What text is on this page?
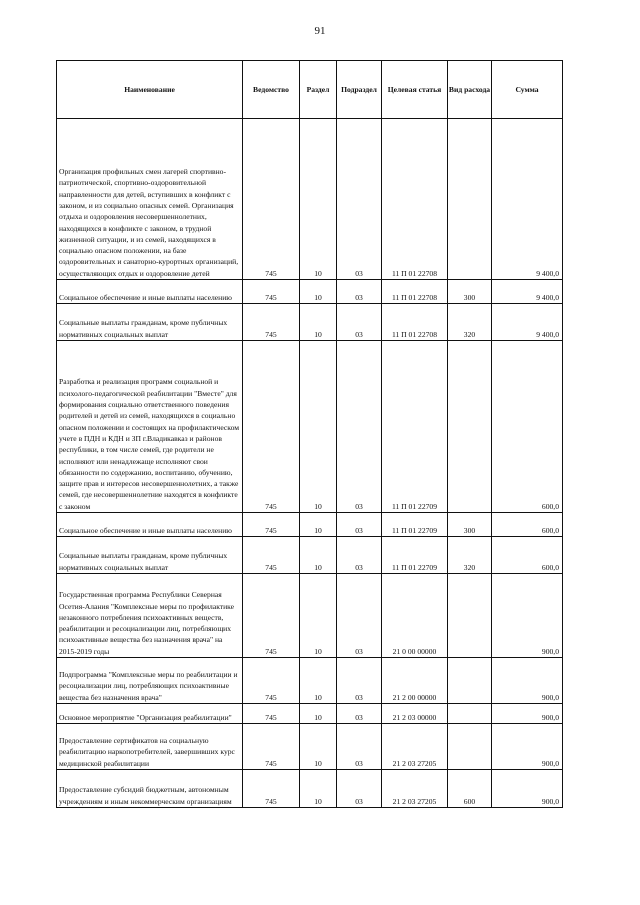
91
Наименование	Ведомство	Раздел	Подраздел	Целевая статья	Вид расхода	Сумма
Организация профильных смен лагерей спортивно-патриотической, спортивно-оздоровительной направленности для детей, вступивших в конфликт с законом, и из социально опасных семей. Организация отдыха и оздоровления несовершеннолетних, находящихся в конфликте с законом, в трудной жизненной ситуации, и из семей, находящихся в социально опасном положении, на базе оздоровительных и санаторно-курортных организаций, осуществляющих отдых и оздоровление детей	745	10	03	11 П 01 22708		9 400,0
Социальное обеспечение и иные выплаты населению	745	10	03	11 П 01 22708	300	9 400,0
Социальные выплаты гражданам, кроме публичных нормативных социальных выплат	745	10	03	11 П 01 22708	320	9 400,0
Разработка и реализация программ социальной и психолого-педагогической реабилитации "Вместе" для формирования социально ответственного поведения родителей и детей из семей, находящихся в социально опасном положении и состоящих на профилактическом учете в ПДН и КДН и ЗП г.Владикавказ и районов республики, в том числе семей, где родители не исполняют или ненадлежаще исполняют свои обязанности по содержанию, воспитанию, обучению, защите прав и интересов несовершеннолетних, а также семей, где несовершеннолетние находятся в конфликте с законом	745	10	03	11 П 01 22709		600,0
Социальное обеспечение и иные выплаты населению	745	10	03	11 П 01 22709	300	600,0
Социальные выплаты гражданам, кроме публичных нормативных социальных выплат	745	10	03	11 П 01 22709	320	600,0
Государственная программа Республики Северная Осетия-Алания "Комплексные меры по профилактике незаконного потребления психоактивных веществ, реабилитации и ресоциализации лиц, потребляющих психоактивные вещества без назначения врача" на 2015-2019 годы	745	10	03	21 0 00 00000		900,0
Подпрограмма "Комплексные меры по реабилитации и ресоциализации лиц, потребляющих психоактивные вещества без назначения врача"	745	10	03	21 2 00 00000		900,0
Основное мероприятие "Организация реабилитации"	745	10	03	21 2 03 00000		900,0
Предоставление сертификатов на социальную реабилитацию наркопотребителей, завершивших курс медицинской реабилитации	745	10	03	21 2 03 27205		900,0
Предоставление субсидий бюджетным, автономным учреждениям и иным некоммерческим организациям	745	10	03	21 2 03 27205	600	900,0
